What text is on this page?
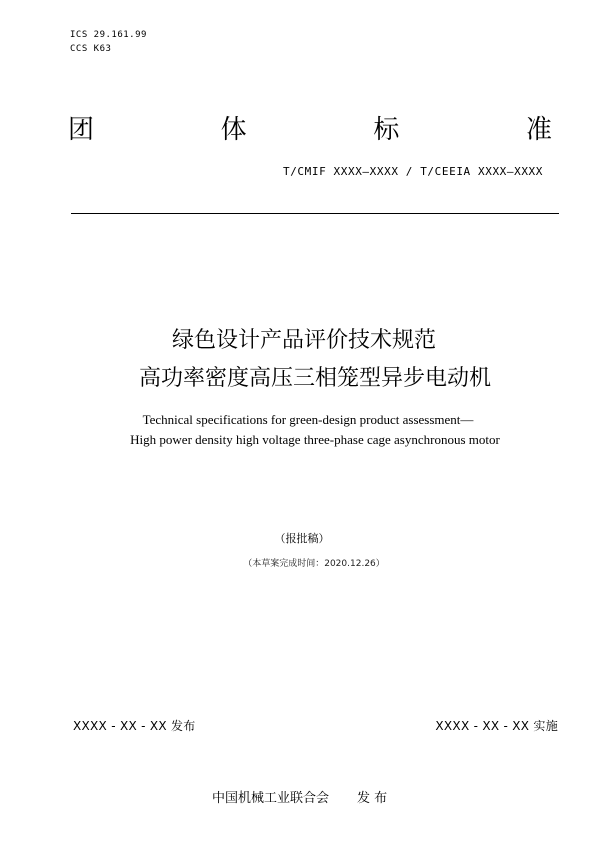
ICS 29.161.99
CCS K63
团	体	标	准
T/CMIF XXXX—XXXX / T/CEEIA XXXX—XXXX
绿色设计产品评价技术规范
高功率密度高压三相笼型异步电动机
Technical specifications for green-design product assessment—
High power density high voltage three-phase cage asynchronous motor
（报批稿）
（本草案完成时间：2020.12.26）
XXXX - XX - XX 发布	XXXX - XX - XX 实施
中国机械工业联合会 发 布
